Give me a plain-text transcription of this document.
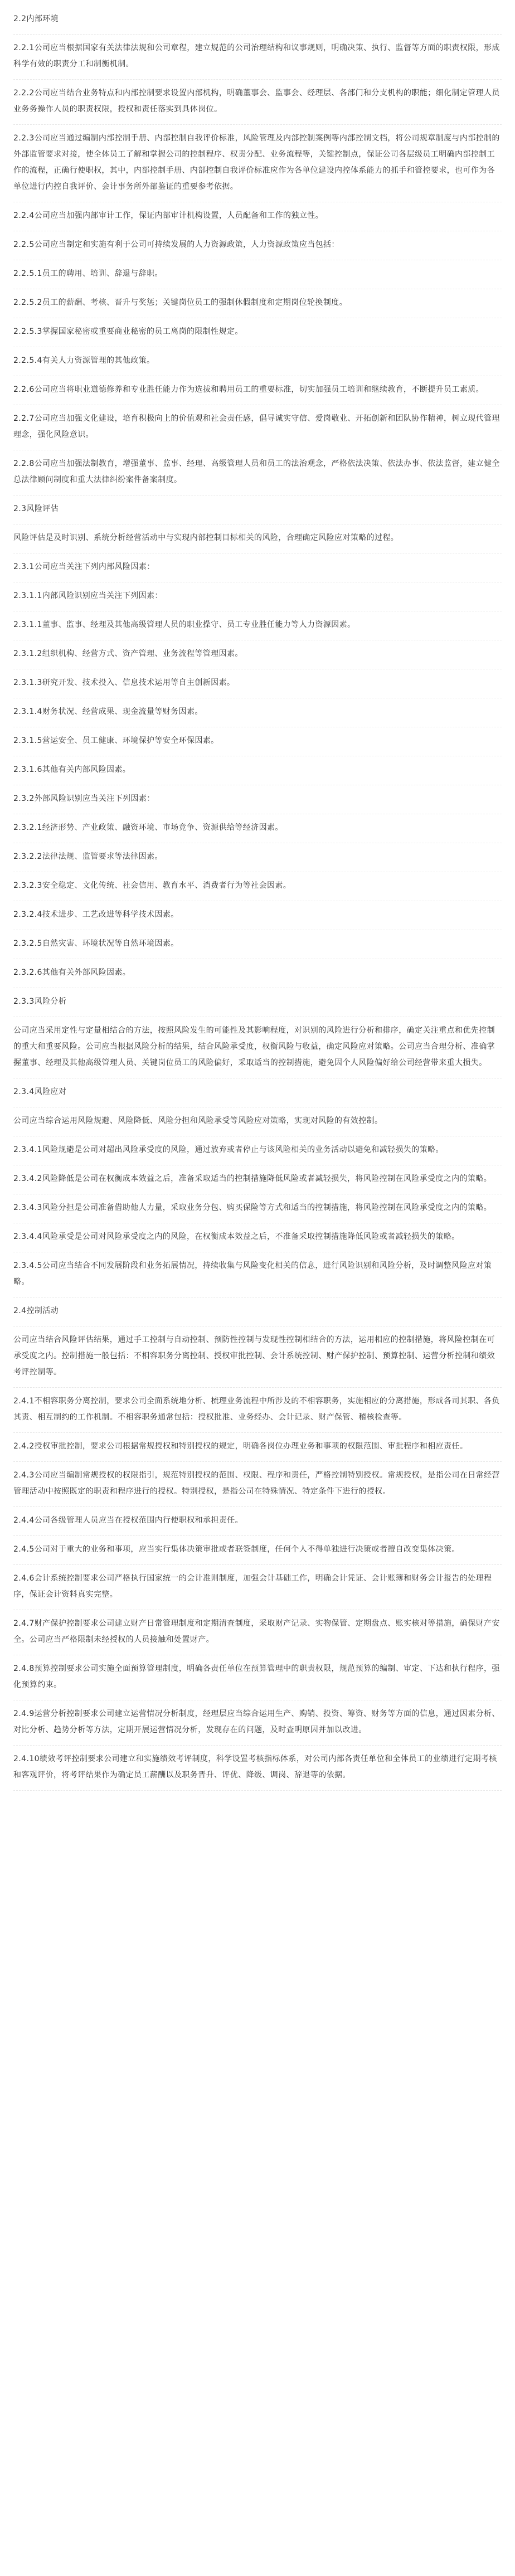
2.2内部环境

2.2.1公司应当根据国家有关法律法规和公司章程，建立规范的公司治理结构和议事规则，明确决策、执行、监督等方面的职责权限，形成科学有效的职责分工和制衡机制。

2.2.2公司应当结合业务特点和内部控制要求设置内部机构，明确董事会、监事会、经理层、各部门和分支机构的职能；细化制定管理人员业务务操作人员的职责权限，授权和责任落实到具体岗位。

2.2.3公司应当通过编制内部控制手册、内部控制自我评价标准，风险管理及内部控制案例等内部控制文档，将公司规章制度与内部控制的外部监管要求对接，使全体员工了解和掌握公司的控制程序、权责分配、业务流程等，关键控制点，保证公司各层级员工明确内部控制工作的流程，正确行使职权，其中，内部控制手册、内部控制自我评价标准应作为各单位建设内控体系能力的抓手和管控要求，也可作为各单位进行内控自我评价、会计事务所外部鉴证的重要参考依据。

2.2.4公司应当加强内部审计工作，保证内部审计机构设置，人员配备和工作的独立性。

2.2.5公司应当制定和实施有利于公司可持续发展的人力资源政策，人力资源政策应当包括：

2.2.5.1员工的聘用、培训、辞退与辞职。

2.2.5.2员工的薪酬、考核、晋升与奖惩；关键岗位员工的强制休假制度和定期岗位轮换制度。

2.2.5.3掌握国家秘密或重要商业秘密的员工离岗的限制性规定。

2.2.5.4有关人力资源管理的其他政策。

2.2.6公司应当将职业道德修养和专业胜任能力作为选拔和聘用员工的重要标准，切实加强员工培训和继续教育，不断提升员工素质。

2.2.7公司应当加强文化建设，培育积极向上的价值观和社会责任感，倡导诚实守信、爱岗敬业、开拓创新和团队协作精神，树立现代管理理念，强化风险意识。

2.2.8公司应当加强法制教育，增强董事、监事、经理、高级管理人员和员工的法治观念，严格依法决策、依法办事、依法监督，建立健全总法律顾问制度和重大法律纠纷案件备案制度。

2.3风险评估

风险评估是及时识别、系统分析经营活动中与实现内部控制目标相关的风险，合理确定风险应对策略的过程。

2.3.1公司应当关注下列内部风险因素：

2.3.1.1内部风险识别应当关注下列因素：

2.3.1.1董事、监事、经理及其他高级管理人员的职业操守、员工专业胜任能力等人力资源因素。

2.3.1.2组织机构、经营方式、资产管理、业务流程等管理因素。

2.3.1.3研究开发、技术投入、信息技术运用等自主创新因素。

2.3.1.4财务状况、经营成果、现金流量等财务因素。

2.3.1.5营运安全、员工健康、环境保护等安全环保因素。

2.3.1.6其他有关内部风险因素。

2.3.2外部风险识别应当关注下列因素：

2.3.2.1经济形势、产业政策、融资环境、市场竞争、资源供给等经济因素。

2.3.2.2法律法规、监管要求等法律因素。

2.3.2.3安全稳定、文化传统、社会信用、教育水平、消费者行为等社会因素。

2.3.2.4技术进步、工艺改进等科学技术因素。

2.3.2.5自然灾害、环境状况等自然环境因素。

2.3.2.6其他有关外部风险因素。

2.3.3风险分析

公司应当采用定性与定量相结合的方法，按照风险发生的可能性及其影响程度，对识别的风险进行分析和排序，确定关注重点和优先控制的重大和重要风险。公司应当根据风险分析的结果，结合风险承受度，权衡风险与收益，确定风险应对策略。公司应当合理分析、准确掌握董事、经理及其他高级管理人员、关键岗位员工的风险偏好，采取适当的控制措施，避免因个人风险偏好给公司经营带来重大损失。

2.3.4风险应对

公司应当综合运用风险规避、风险降低、风险分担和风险承受等风险应对策略，实现对风险的有效控制。

2.3.4.1风险规避是公司对超出风险承受度的风险，通过放弃或者停止与该风险相关的业务活动以避免和减轻损失的策略。

2.3.4.2风险降低是公司在权衡成本效益之后，准备采取适当的控制措施降低风险或者减轻损失，将风险控制在风险承受度之内的策略。

2.3.4.3风险分担是公司准备借助他人力量，采取业务分包、购买保险等方式和适当的控制措施，将风险控制在风险承受度之内的策略。

2.3.4.4风险承受是公司对风险承受度之内的风险，在权衡成本效益之后，不准备采取控制措施降低风险或者减轻损失的策略。

2.3.4.5公司应当结合不同发展阶段和业务拓展情况，持续收集与风险变化相关的信息，进行风险识别和风险分析，及时调整风险应对策略。

2.4控制活动

公司应当结合风险评估结果，通过手工控制与自动控制、预防性控制与发现性控制相结合的方法，运用相应的控制措施，将风险控制在可承受度之内。控制措施一般包括：不相容职务分离控制、授权审批控制、会计系统控制、财产保护控制、预算控制、运营分析控制和绩效考评控制等。

2.4.1不相容职务分离控制，要求公司全面系统地分析、梳理业务流程中所涉及的不相容职务，实施相应的分离措施，形成各司其职、各负其责、相互制约的工作机制。不相容职务通常包括：授权批准、业务经办、会计记录、财产保管、稽核检查等。

2.4.2授权审批控制，要求公司根据常规授权和特别授权的规定，明确各岗位办理业务和事项的权限范围、审批程序和相应责任。

2.4.3公司应当编制常规授权的权限指引，规范特别授权的范围、权限、程序和责任，严格控制特别授权。常规授权，是指公司在日常经营管理活动中按照既定的职责和程序进行的授权。特别授权，是指公司在特殊情况、特定条件下进行的授权。

2.4.4公司各级管理人员应当在授权范围内行使职权和承担责任。

2.4.5公司对于重大的业务和事项，应当实行集体决策审批或者联签制度，任何个人不得单独进行决策或者擅自改变集体决策。

2.4.6会计系统控制要求公司严格执行国家统一的会计准则制度，加强会计基础工作，明确会计凭证、会计账簿和财务会计报告的处理程序，保证会计资料真实完整。

2.4.7财产保护控制要求公司建立财产日常管理制度和定期清查制度，采取财产记录、实物保管、定期盘点、账实核对等措施，确保财产安全。公司应当严格限制未经授权的人员接触和处置财产。

2.4.8预算控制要求公司实施全面预算管理制度，明确各责任单位在预算管理中的职责权限，规范预算的编制、审定、下达和执行程序，强化预算约束。

2.4.9运营分析控制要求公司建立运营情况分析制度，经理层应当综合运用生产、购销、投资、筹资、财务等方面的信息，通过因素分析、对比分析、趋势分析等方法，定期开展运营情况分析，发现存在的问题，及时查明原因并加以改进。

2.4.10绩效考评控制要求公司建立和实施绩效考评制度，科学设置考核指标体系，对公司内部各责任单位和全体员工的业绩进行定期考核和客观评价，将考评结果作为确定员工薪酬以及职务晋升、评优、降级、调岗、辞退等的依据。
